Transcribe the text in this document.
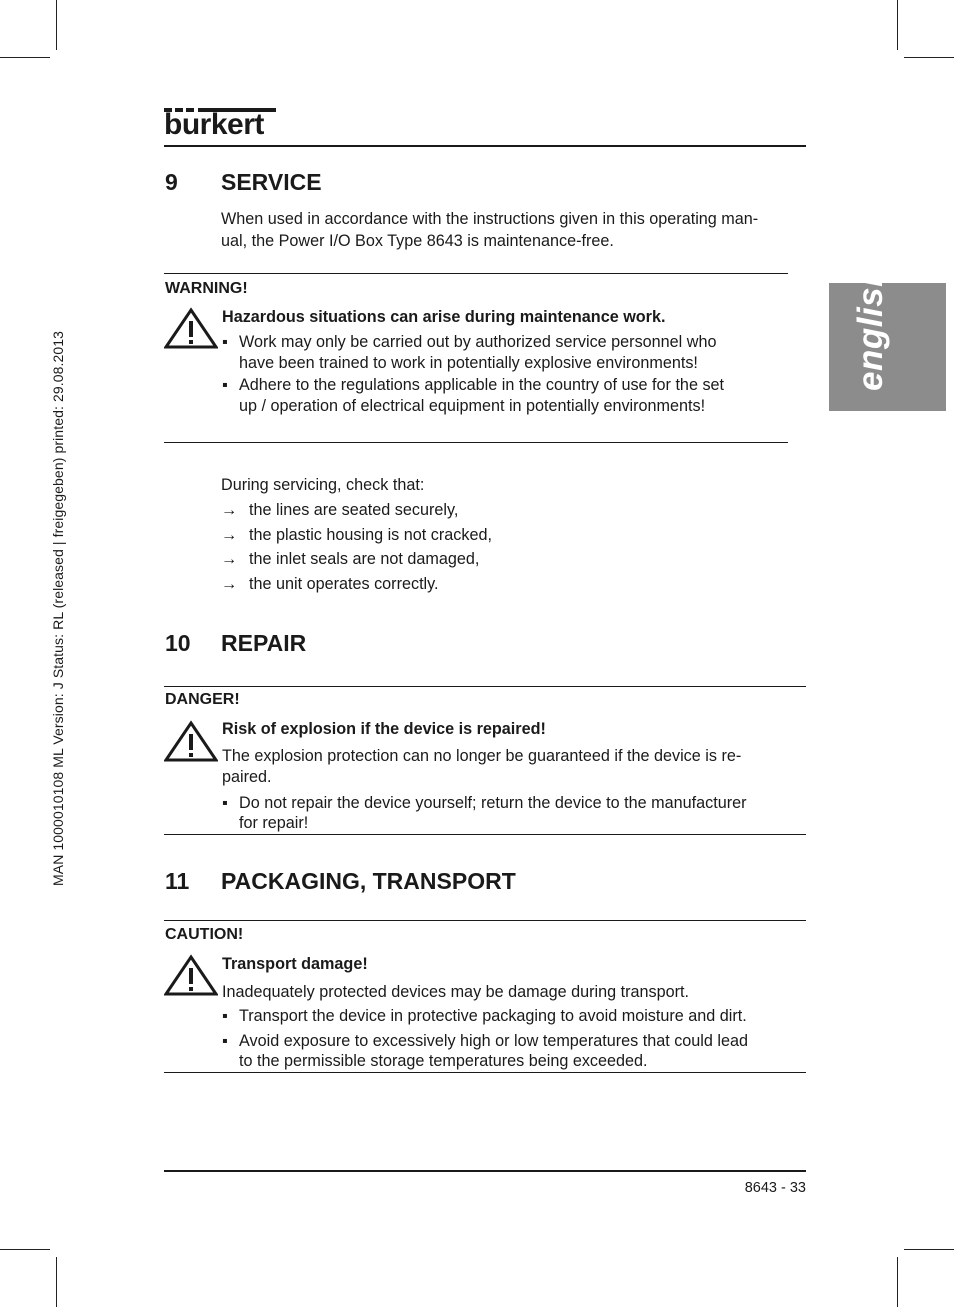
MAN 1000010108 ML Version: J Status: RL (released | freigegeben) printed: 29.08.2013
english
burkert
9 SERVICE
When used in accordance with the instructions given in this operating man-
ual, the Power I/O Box Type 8643 is maintenance-free.
WARNING!
Hazardous situations can arise during maintenance work.
▪ Work may only be carried out by authorized service personnel who
have been trained to work in potentially explosive environments!
▪ Adhere to the regulations applicable in the country of use for the set
up / operation of electrical equipment in potentially environments!
During servicing, check that:
→ the lines are seated securely,
→ the plastic housing is not cracked,
→ the inlet seals are not damaged,
→ the unit operates correctly.
10 REPAIR
DANGER!
Risk of explosion if the device is repaired!
The explosion protection can no longer be guaranteed if the device is re-
paired.
▪ Do not repair the device yourself; return the device to the manufacturer
for repair!
11 PACKAGING, TRANSPORT
CAUTION!
Transport damage!
Inadequately protected devices may be damage during transport.
▪ Transport the device in protective packaging to avoid moisture and dirt.
▪ Avoid exposure to excessively high or low temperatures that could lead
to the permissible storage temperatures being exceeded.
8643 - 33
